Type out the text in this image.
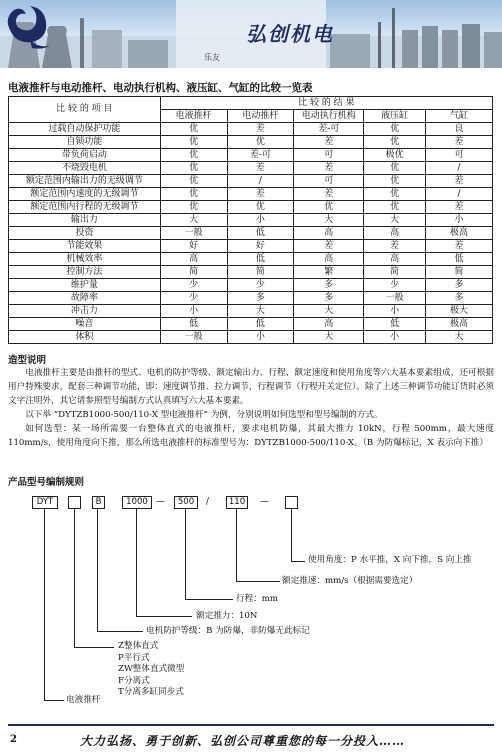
弘创机电
乐友
电液推杆与电动推杆、电动执行机构、液压缸、气缸的比较一览表
比 较 的 项 目	比 较 的 结 果				
	电液推杆	电动推杆	电动执行机构	液压缸	气缸
过载自动保护功能	优	差	差-可	优	良
自锁功能	优	优	差	优	差
带负荷启动	优	差-可	可	极优	可
不烧毁电机	优	差	差	优	/
额定范围内输出力的无级调节	优	/	可	优	差
额定范围内速度的无级调节	优	差	差	优	/
额定范围内行程的无级调节	优	优	优	优	差
输出力	大	小	大	大	小
投资	一般	低	高	高	极高
节能效果	好	好	差	差	差
机械效率	高	低	高	高	低
控制方法	简	简	繁	简	简
维护量	少	少	多	少	多
故障率	少	多	多	一般	多
冲击力	小	大	大	小	极大
噪音	低	低	高	低	极高
体积	一般	小	大	小	大
造型说明

电液推杆主要是由推杆的型式、电机的防护等级、额定输出力、行程、额定速度和使用角度等六大基本要素组成，还可根据用户特殊要求，配套三种调节功能，即：速度调节推、拉力调节，行程调节（行程开关定位）。除了上述三种调节功能订货时必须文字注明外，其它请参照型号编制方式认真填写六大基本要素。

以下举 “DYTZB1000-500/110-X 型电液推杆” 为例，分别说明如何选型和型号编制的方式。

如何选型：某一场所需要一台整体直式的电液推杆，要求电机防爆，其最大推力 10kN，行程 500mm，最大速度 110mm/s，使用角度向下推，那么所选电液推杆的标准型号为：DYTZB1000-500/110-X。（B 为防爆标记，X 表示向下推）

产品型号编制规则
DYT	B	1000 —	500	/	110	—
使用角度：P 水平推，X 向下推，S 向上推
额定推速：mm/s（根据需要选定）
行程：mm
额定推力：10N
电机防护等级：B 为防爆，非防爆无此标记
Z整体直式
P平行式
ZW整体直式微型
F分离式
T分离多缸同步式
电液推杆
2	大力弘扬、勇于创新、弘创公司尊重您的每一分投入……
